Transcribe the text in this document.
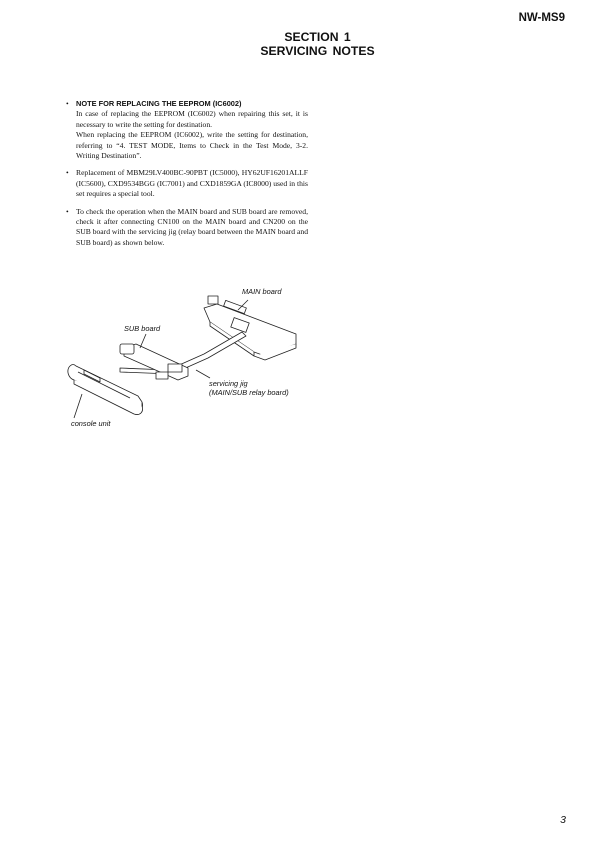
NW-MS9
SECTION 1
SERVICING NOTES
• NOTE FOR REPLACING THE EEPROM (IC6002)

In case of replacing the EEPROM (IC6002) when repairing this set, it is necessary to write the setting for destination.

When replacing the EEPROM (IC6002), write the setting for destination, referring to “4. TEST MODE, Items to Check in the Test Mode, 3-2. Writing Destination”.

• Replacement of MBM29LV400BC-90PBT (IC5000), HY62UF16201ALLF (IC5600), CXD9534BGG (IC7001) and CXD1859GA (IC8000) used in this set requires a special tool.

• To check the operation when the MAIN board and SUB board are removed, check it after connecting CN100 on the MAIN board and CN200 on the SUB board with the servicing jig (relay board between the MAIN board and SUB board) as shown below.

MAIN board
SUB board
servicing jig
(MAIN/SUB relay board)
console unit
3
